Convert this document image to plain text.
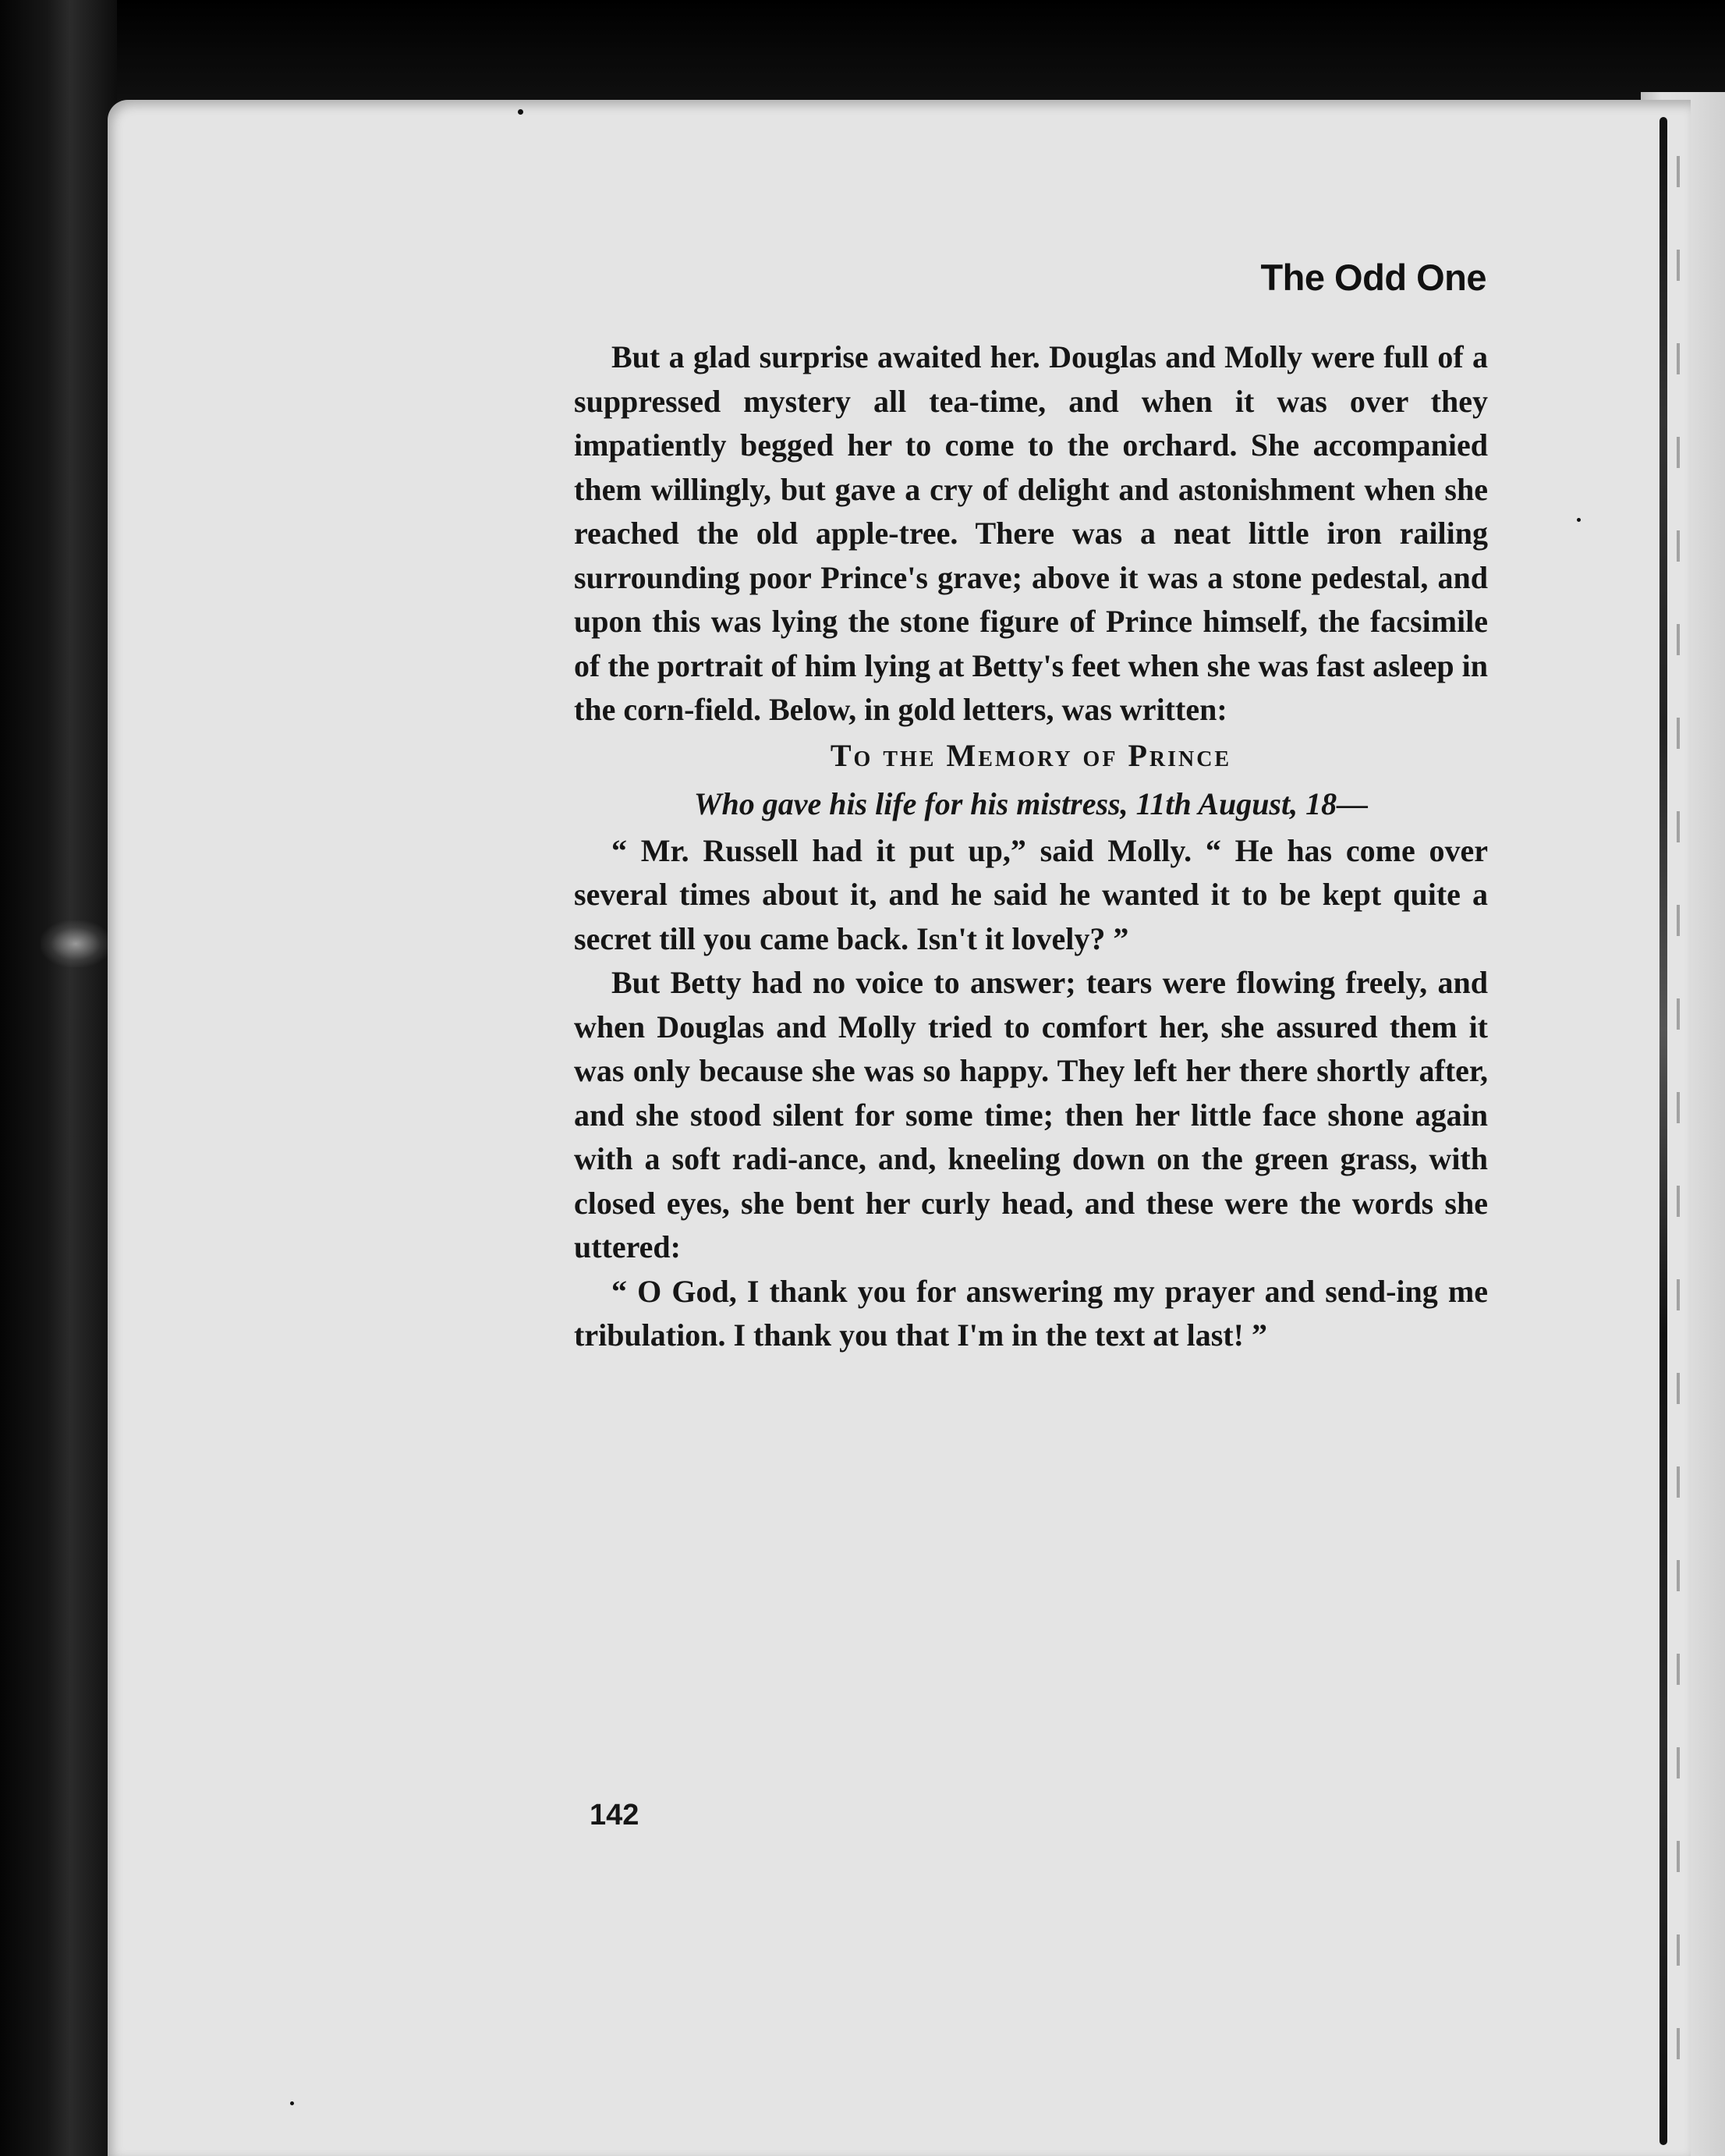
The Odd One

But a glad surprise awaited her. Douglas and Molly were full of a suppressed mystery all tea-time, and when it was over they impatiently begged her to come to the orchard. She accompanied them willingly, but gave a cry of delight and astonishment when she reached the old apple-tree. There was a neat little iron railing surrounding poor Prince's grave; above it was a stone pedestal, and upon this was lying the stone figure of Prince himself, the facsimile of the portrait of him lying at Betty's feet when she was fast asleep in the corn-field. Below, in gold letters, was written:

To the Memory of Prince

Who gave his life for his mistress, 11th August, 18—

“ Mr. Russell had it put up,” said Molly. “ He has come over several times about it, and he said he wanted it to be kept quite a secret till you came back. Isn't it lovely? ”

But Betty had no voice to answer; tears were flowing freely, and when Douglas and Molly tried to comfort her, she assured them it was only because she was so happy. They left her there shortly after, and she stood silent for some time; then her little face shone again with a soft radi-ance, and, kneeling down on the green grass, with closed eyes, she bent her curly head, and these were the words she uttered:

“ O God, I thank you for answering my prayer and send-ing me tribulation. I thank you that I'm in the text at last! ”

142
